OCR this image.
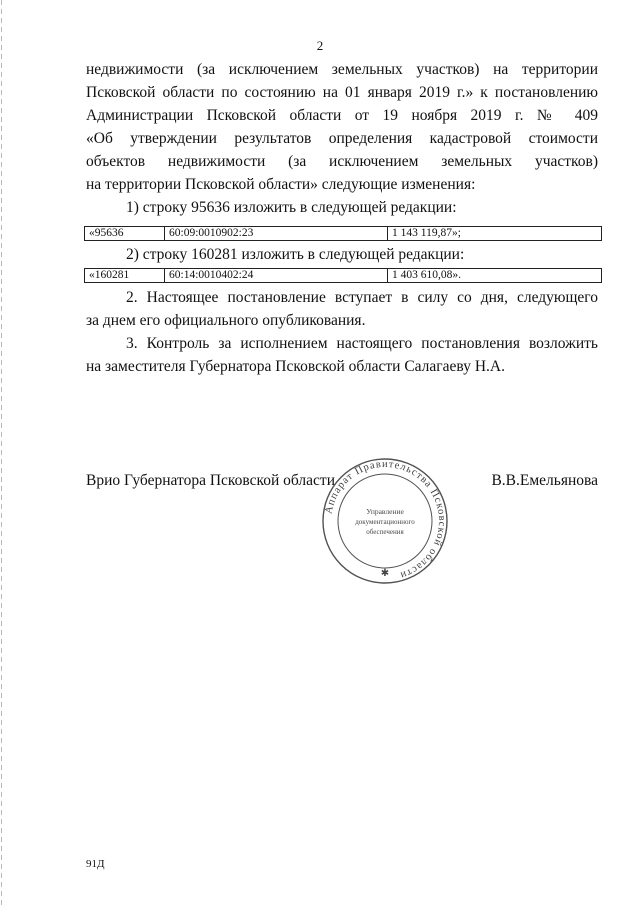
2
недвижимости (за исключением земельных участков) на территории
Псковской области по состоянию на 01 января 2019 г.» к постановлению
Администрации Псковской области от 19 ноября 2019 г. № 409
«Об утверждении результатов определения кадастровой стоимости
объектов недвижимости (за исключением земельных участков)
на территории Псковской области» следующие изменения:
1) строку 95636 изложить в следующей редакции:
«95636	60:09:0010902:23	1 143 119,87»;
2) строку 160281 изложить в следующей редакции:
«160281	60:14:0010402:24	1 403 610,08».
2. Настоящее постановление вступает в силу со дня, следующего
за днем его официального опубликования.
3. Контроль за исполнением настоящего постановления возложить
на заместителя Губернатора Псковской области Салагаеву Н.А.
Врио Губернатора Псковской области	В.В.Емельянова
Аппарат Правительства Псковской области
Управление
документационного
обеспечения
✱
91Д
